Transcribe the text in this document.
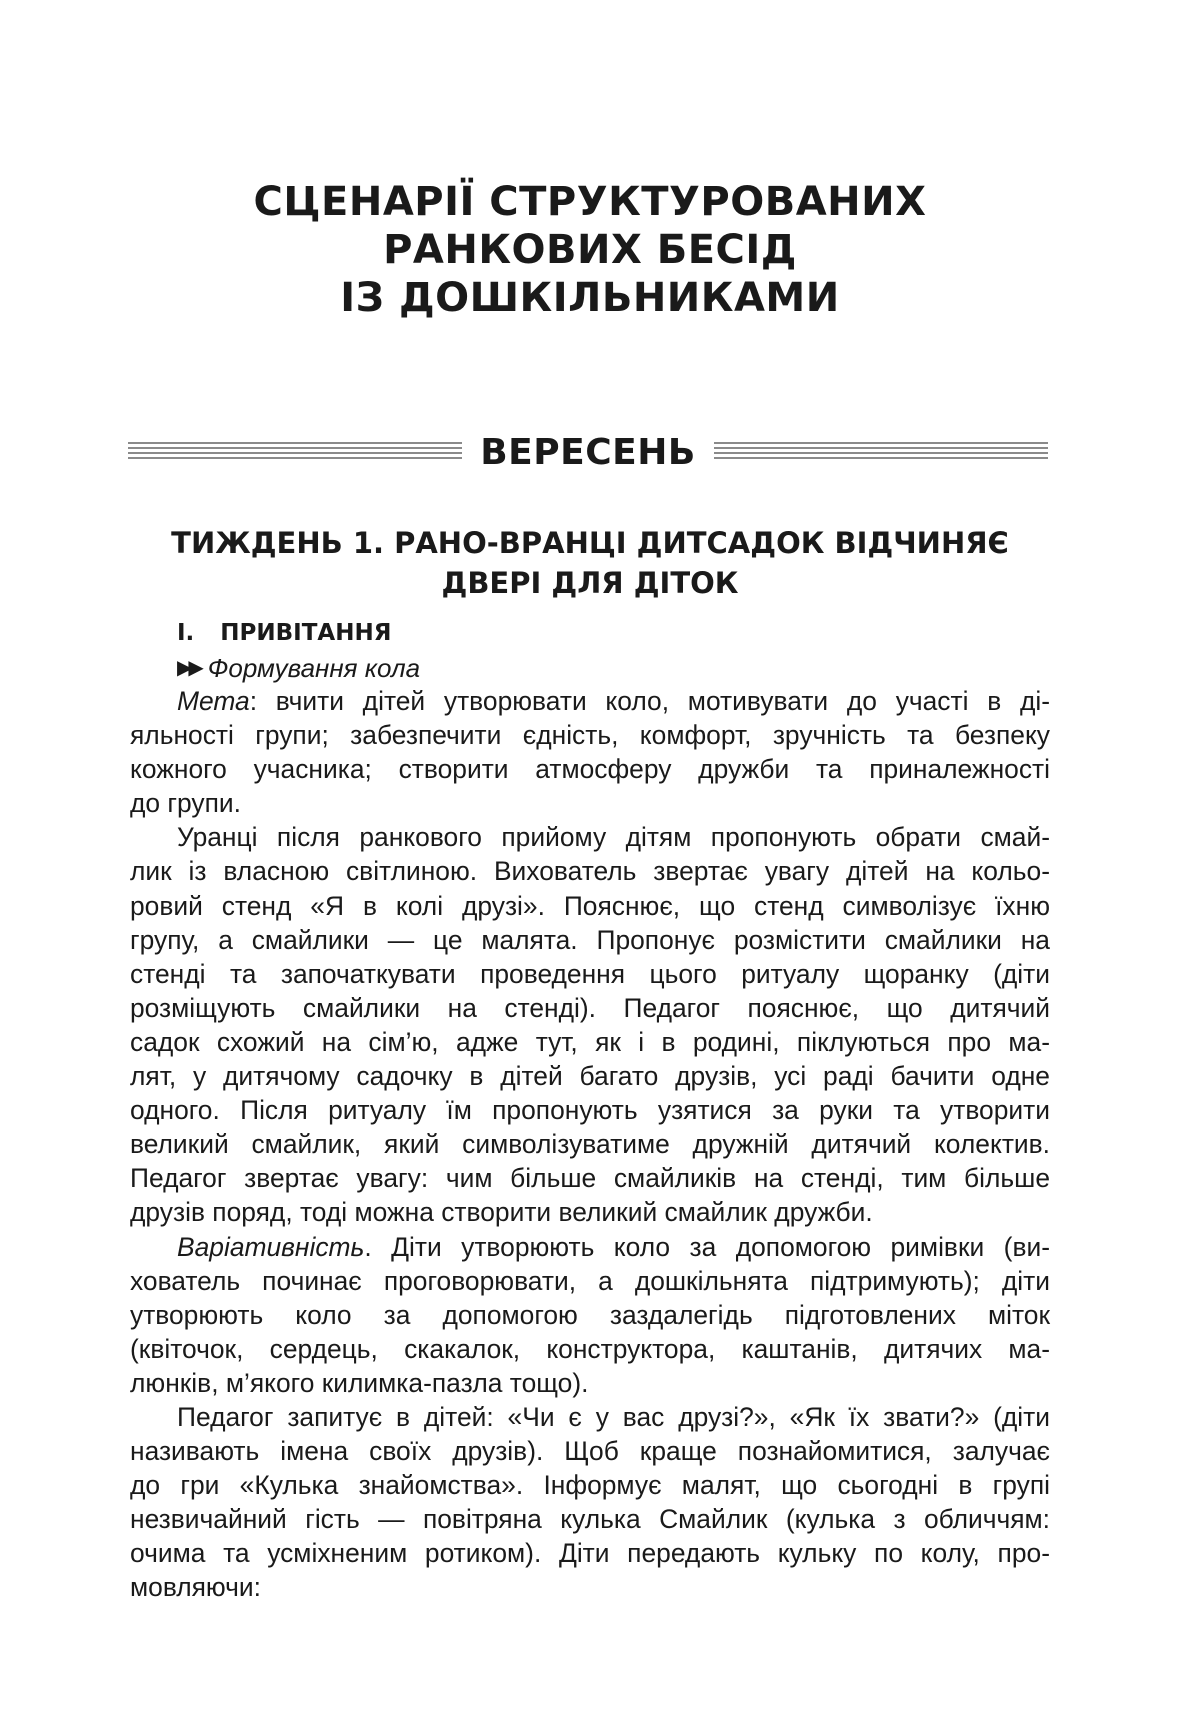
СЦЕНАРІЇ СТРУКТУРОВАНИХ
РАНКОВИХ БЕСІД
ІЗ ДОШКІЛЬНИКАМИ
ВЕРЕСЕНЬ
ТИЖДЕНЬ 1. РАНО-ВРАНЦІ ДИТСАДОК ВІДЧИНЯЄ
ДВЕРІ ДЛЯ ДІТОК
I. ПРИВІТАННЯ
▶▶ Формування кола

Мета: вчити дітей утворювати коло, мотивувати до участі в ді-
яльності групи; забезпечити єдність, комфорт, зручність та безпеку
кожного учасника; створити атмосферу дружби та приналежності
до групи.

Уранці після ранкового прийому дітям пропонують обрати смай-
лик із власною світлиною. Вихователь звертає увагу дітей на кольо-
ровий стенд «Я в колі друзі». Пояснює, що стенд символізує їхню
групу, а смайлики — це малята. Пропонує розмістити смайлики на
стенді та започаткувати проведення цього ритуалу щоранку (діти
розміщують смайлики на стенді). Педагог пояснює, що дитячий
садок схожий на сім’ю, адже тут, як і в родині, піклуються про ма-
лят, у дитячому садочку в дітей багато друзів, усі раді бачити одне
одного. Після ритуалу їм пропонують узятися за руки та утворити
великий смайлик, який символізуватиме дружній дитячий колектив.
Педагог звертає увагу: чим більше смайликів на стенді, тим більше
друзів поряд, тоді можна створити великий смайлик дружби.

Варіативність. Діти утворюють коло за допомогою римівки (ви-
хователь починає проговорювати, а дошкільнята підтримують); діти
утворюють коло за допомогою заздалегідь підготовлених міток
(квіточок, сердець, скакалок, конструктора, каштанів, дитячих ма-
люнків, м’якого килимка-пазла тощо).

Педагог запитує в дітей: «Чи є у вас друзі?», «Як їх звати?» (діти
називають імена своїх друзів). Щоб краще познайомитися, залучає
до гри «Кулька знайомства». Інформує малят, що сьогодні в групі
незвичайний гість — повітряна кулька Смайлик (кулька з обличчям:
очима та усміхненим ротиком). Діти передають кульку по колу, про-
мовляючи:
